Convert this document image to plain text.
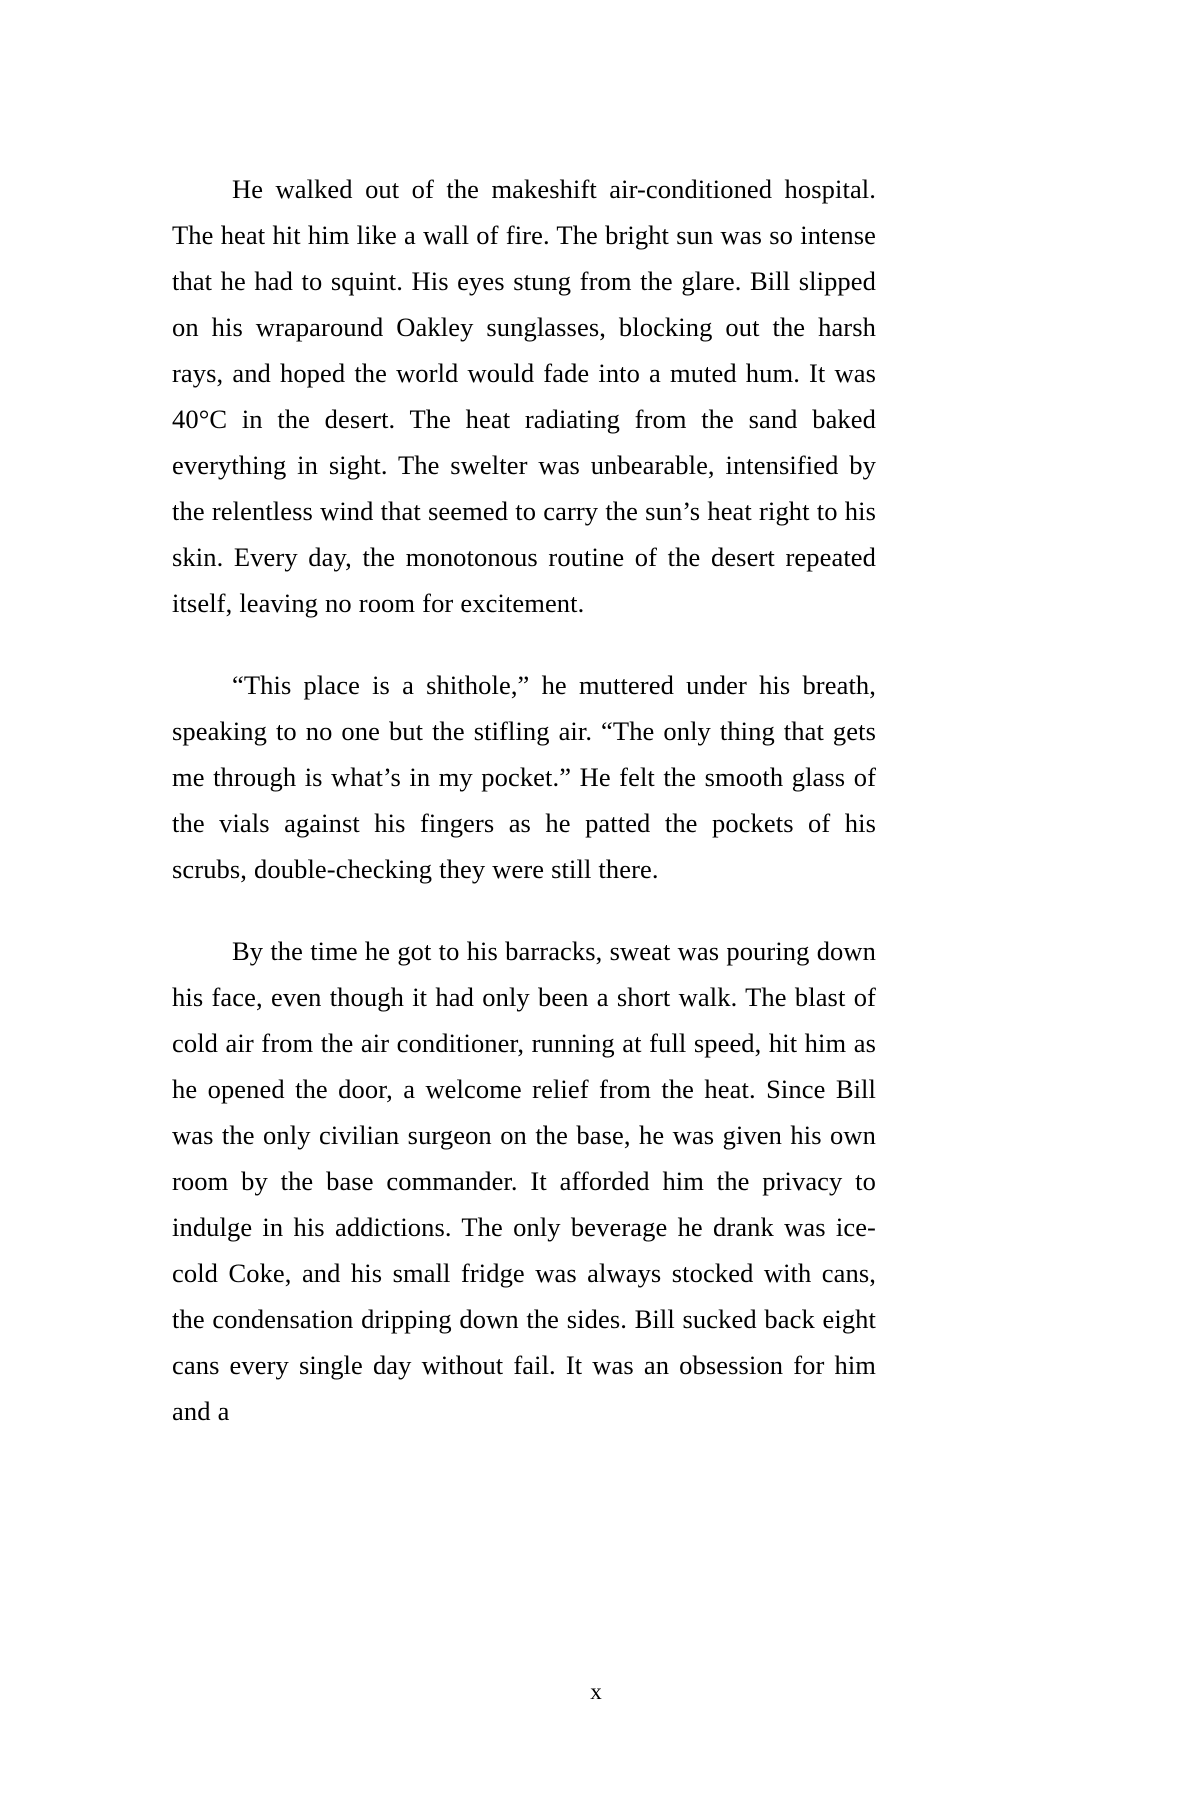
He walked out of the makeshift air-conditioned hospital. The heat hit him like a wall of fire. The bright sun was so intense that he had to squint. His eyes stung from the glare. Bill slipped on his wraparound Oakley sunglasses, blocking out the harsh rays, and hoped the world would fade into a muted hum. It was 40°C in the desert. The heat radiating from the sand baked everything in sight. The swelter was unbearable, intensified by the relentless wind that seemed to carry the sun’s heat right to his skin. Every day, the monotonous routine of the desert repeated itself, leaving no room for excitement.

“This place is a shithole,” he muttered under his breath, speaking to no one but the stifling air. “The only thing that gets me through is what’s in my pocket.” He felt the smooth glass of the vials against his fingers as he patted the pockets of his scrubs, double-checking they were still there.

By the time he got to his barracks, sweat was pouring down his face, even though it had only been a short walk. The blast of cold air from the air conditioner, running at full speed, hit him as he opened the door, a welcome relief from the heat. Since Bill was the only civilian surgeon on the base, he was given his own room by the base commander. It afforded him the privacy to indulge in his addictions. The only beverage he drank was ice-cold Coke, and his small fridge was always stocked with cans, the condensation dripping down the sides. Bill sucked back eight cans every single day without fail. It was an obsession for him and a

x
